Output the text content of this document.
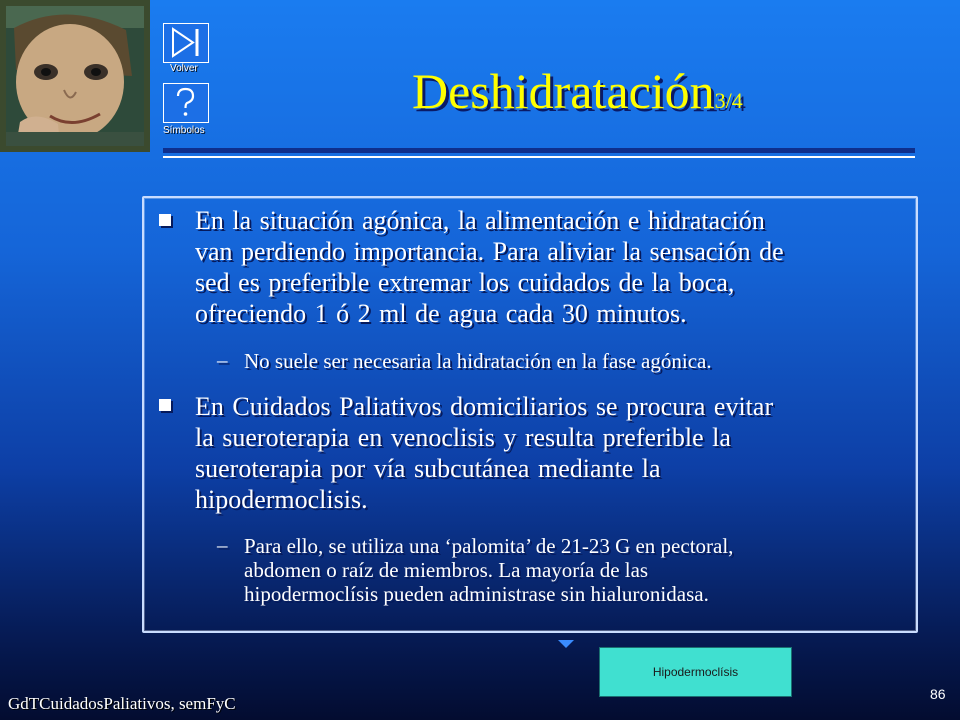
Volver
Símbolos
Deshidratación3/4
En la situación agónica, la alimentación e hidratación
van perdiendo importancia. Para aliviar la sensación de
sed es preferible extremar los cuidados de la boca,
ofreciendo 1 ó 2 ml de agua cada 30 minutos.
– No suele ser necesaria la hidratación en la fase agónica.
En Cuidados Paliativos domiciliarios se procura evitar
la sueroterapia en venoclisis y resulta preferible la
sueroterapia por vía subcutánea mediante la
hipodermoclisis.
– Para ello, se utiliza una ‘palomita’ de 21-23 G en pectoral,
abdomen o raíz de miembros. La mayoría de las
hipodermoclísis pueden administrase sin hialuronidasa.
Hipodermoclísis
GdTCuidadosPaliativos, semFyC	86
